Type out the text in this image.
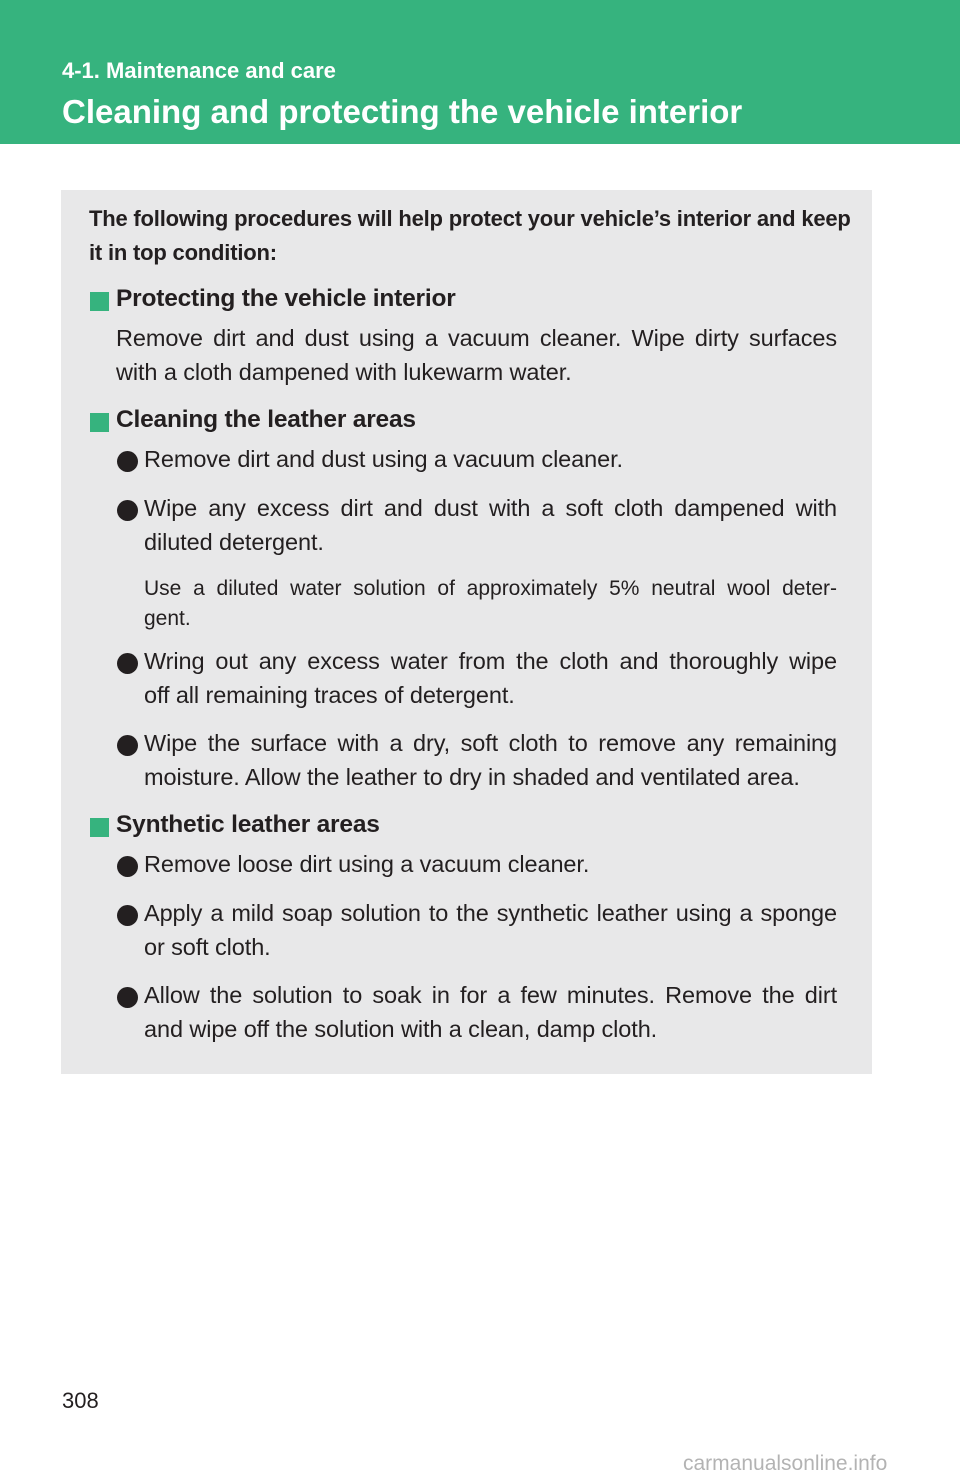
4-1. Maintenance and care
Cleaning and protecting the vehicle interior
The following procedures will help protect your vehicle’s interior and keep
it in top condition:
Protecting the vehicle interior
Remove dirt and dust using a vacuum cleaner. Wipe dirty surfaces
with a cloth dampened with lukewarm water.
Cleaning the leather areas
Remove dirt and dust using a vacuum cleaner.
Wipe any excess dirt and dust with a soft cloth dampened with
diluted detergent.
Use a diluted water solution of approximately 5% neutral wool deter-
gent.
Wring out any excess water from the cloth and thoroughly wipe
off all remaining traces of detergent.
Wipe the surface with a dry, soft cloth to remove any remaining
moisture. Allow the leather to dry in shaded and ventilated area.
Synthetic leather areas
Remove loose dirt using a vacuum cleaner.
Apply a mild soap solution to the synthetic leather using a sponge
or soft cloth.
Allow the solution to soak in for a few minutes. Remove the dirt
and wipe off the solution with a clean, damp cloth.
308
carmanualsonline.info
